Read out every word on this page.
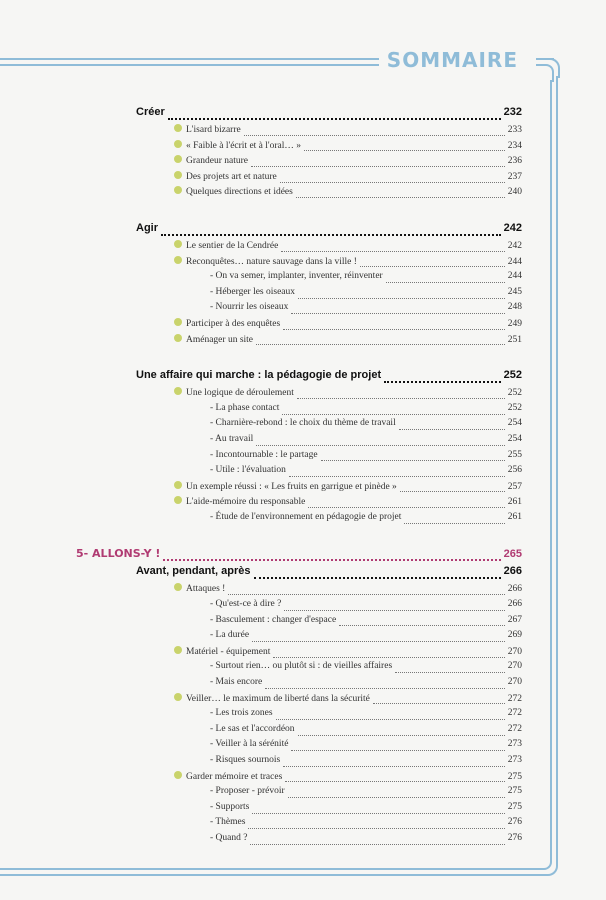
SOMMAIRE
Créer	232
L'isard bizarre	233
« Faible à l'écrit et à l'oral… »	234
Grandeur nature	236
Des projets art et nature	237
Quelques directions et idées	240
Agir	242
Le sentier de la Cendrée	242
Reconquêtes… nature sauvage dans la ville !	244
- On va semer, implanter, inventer, réinventer	244
- Héberger les oiseaux	245
- Nourrir les oiseaux	248
Participer à des enquêtes	249
Aménager un site	251
Une affaire qui marche : la pédagogie de projet	252
Une logique de déroulement	252
- La phase contact	252
- Charnière-rebond : le choix du thème de travail	254
- Au travail	254
- Incontournable : le partage	255
- Utile : l'évaluation	256
Un exemple réussi : « Les fruits en garrigue et pinède »	257
L'aide-mémoire du responsable	261
- Étude de l'environnement en pédagogie de projet	261
5- ALLONS-Y !	265
Avant, pendant, après	266
Attaques !	266
- Qu'est-ce à dire ?	266
- Basculement : changer d'espace	267
- La durée	269
Matériel - équipement	270
- Surtout rien… ou plutôt si : de vieilles affaires	270
- Mais encore	270
Veiller… le maximum de liberté dans la sécurité	272
- Les trois zones	272
- Le sas et l'accordéon	272
- Veiller à la sérénité	273
- Risques sournois	273
Garder mémoire et traces	275
- Proposer - prévoir	275
- Supports	275
- Thèmes	276
- Quand ?	276
